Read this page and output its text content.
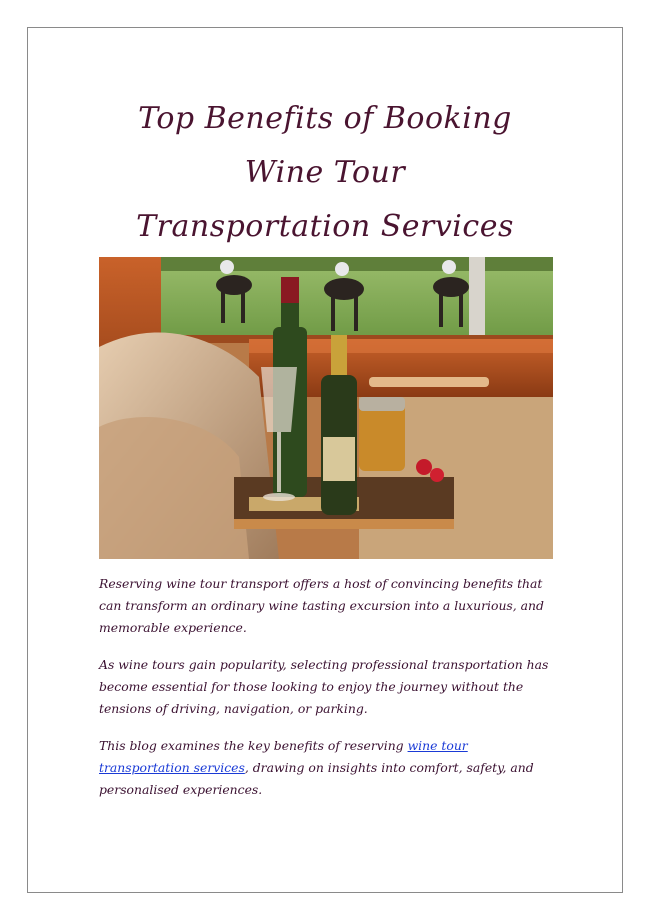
Top Benefits of Booking
Wine Tour
Transportation Services

Reserving wine tour transport offers a host of convincing benefits that can transform an ordinary wine tasting excursion into a luxurious, and memorable experience.

As wine tours gain popularity, selecting professional transportation has become essential for those looking to enjoy the journey without the tensions of driving, navigation, or parking.

This blog examines the key benefits of reserving wine tour transportation services, drawing on insights into comfort, safety, and personalised experiences.
